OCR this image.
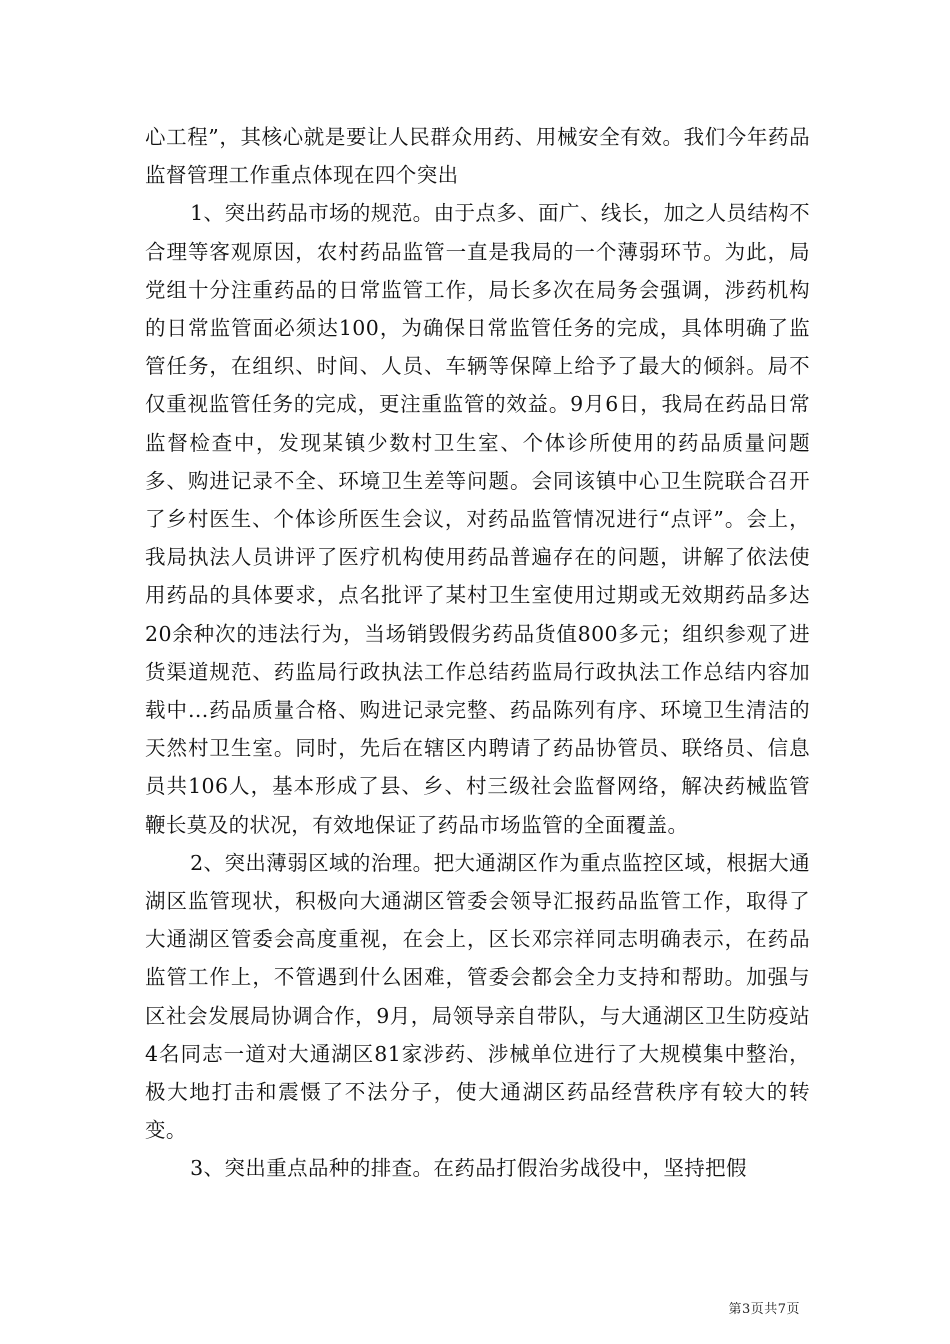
心工程”，其核心就是要让人民群众用药、用械安全有效。我们今年药品监督管理工作重点体现在四个突出

1、突出药品市场的规范。由于点多、面广、线长，加之人员结构不合理等客观原因，农村药品监管一直是我局的一个薄弱环节。为此，局党组十分注重药品的日常监管工作，局长多次在局务会强调，涉药机构的日常监管面必须达100，为确保日常监管任务的完成，具体明确了监管任务，在组织、时间、人员、车辆等保障上给予了最大的倾斜。局不仅重视监管任务的完成，更注重监管的效益。9月6日，我局在药品日常监督检查中，发现某镇少数村卫生室、个体诊所使用的药品质量问题多、购进记录不全、环境卫生差等问题。会同该镇中心卫生院联合召开了乡村医生、个体诊所医生会议，对药品监管情况进行“点评”。会上，我局执法人员讲评了医疗机构使用药品普遍存在的问题，讲解了依法使用药品的具体要求，点名批评了某村卫生室使用过期或无效期药品多达20余种次的违法行为，当场销毁假劣药品货值800多元；组织参观了进货渠道规范、药监局行政执法工作总结药监局行政执法工作总结内容加载中...药品质量合格、购进记录完整、药品陈列有序、环境卫生清洁的天然村卫生室。同时，先后在辖区内聘请了药品协管员、联络员、信息员共106人，基本形成了县、乡、村三级社会监督网络，解决药械监管鞭长莫及的状况，有效地保证了药品市场监管的全面覆盖。

2、突出薄弱区域的治理。把大通湖区作为重点监控区域，根据大通湖区监管现状，积极向大通湖区管委会领导汇报药品监管工作，取得了大通湖区管委会高度重视，在会上，区长邓宗祥同志明确表示，在药品监管工作上，不管遇到什么困难，管委会都会全力支持和帮助。加强与区社会发展局协调合作，9月，局领导亲自带队，与大通湖区卫生防疫站4名同志一道对大通湖区81家涉药、涉械单位进行了大规模集中整治，极大地打击和震慑了不法分子，使大通湖区药品经营秩序有较大的转变。

3、突出重点品种的排查。在药品打假治劣战役中，坚持把假

第3页共7页
